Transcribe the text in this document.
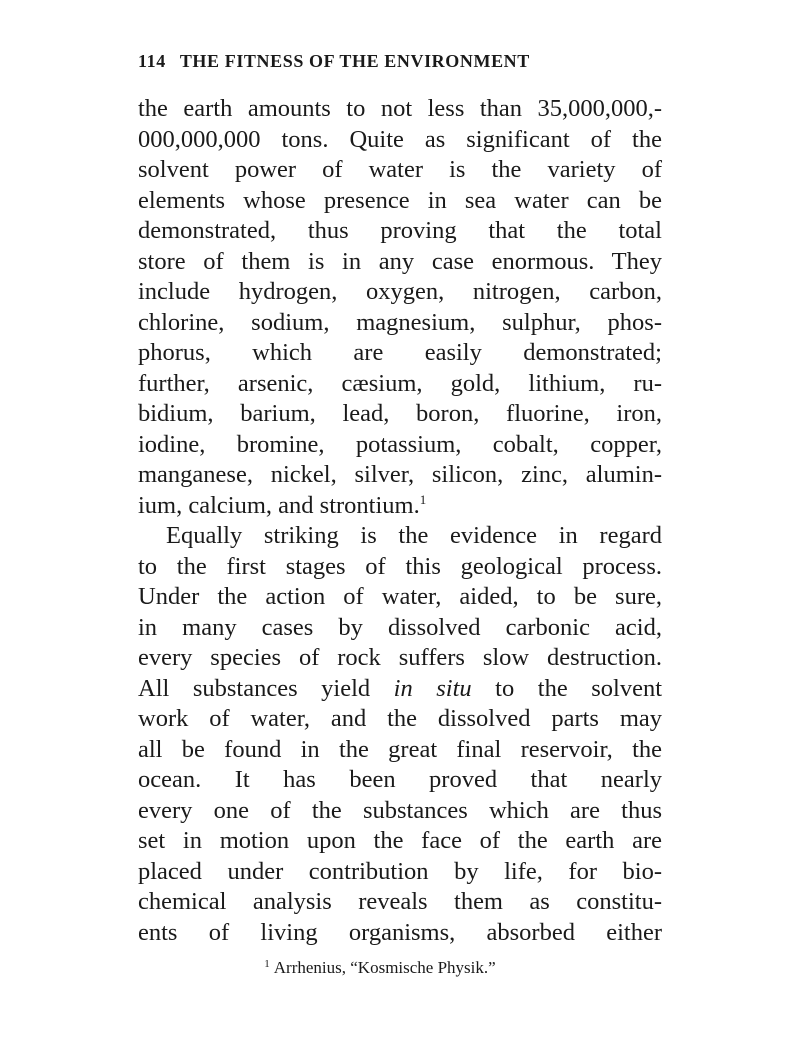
114 THE FITNESS OF THE ENVIRONMENT
the earth amounts to not less than 35,000,000,-
000,000,000 tons. Quite as significant of the
solvent power of water is the variety of
elements whose presence in sea water can be
demonstrated, thus proving that the total
store of them is in any case enormous. They
include hydrogen, oxygen, nitrogen, carbon,
chlorine, sodium, magnesium, sulphur, phos-
phorus, which are easily demonstrated;
further, arsenic, cæsium, gold, lithium, ru-
bidium, barium, lead, boron, fluorine, iron,
iodine, bromine, potassium, cobalt, copper,
manganese, nickel, silver, silicon, zinc, alumin-
ium, calcium, and strontium.$^1$
Equally striking is the evidence in regard
to the first stages of this geological process.
Under the action of water, aided, to be sure,
in many cases by dissolved carbonic acid,
every species of rock suffers slow destruction.
All substances yield in situ to the solvent
work of water, and the dissolved parts may
all be found in the great final reservoir, the
ocean. It has been proved that nearly
every one of the substances which are thus
set in motion upon the face of the earth are
placed under contribution by life, for bio-
chemical analysis reveals them as constitu-
ents of living organisms, absorbed either
$^1$ Arrhenius, “Kosmische Physik.”
